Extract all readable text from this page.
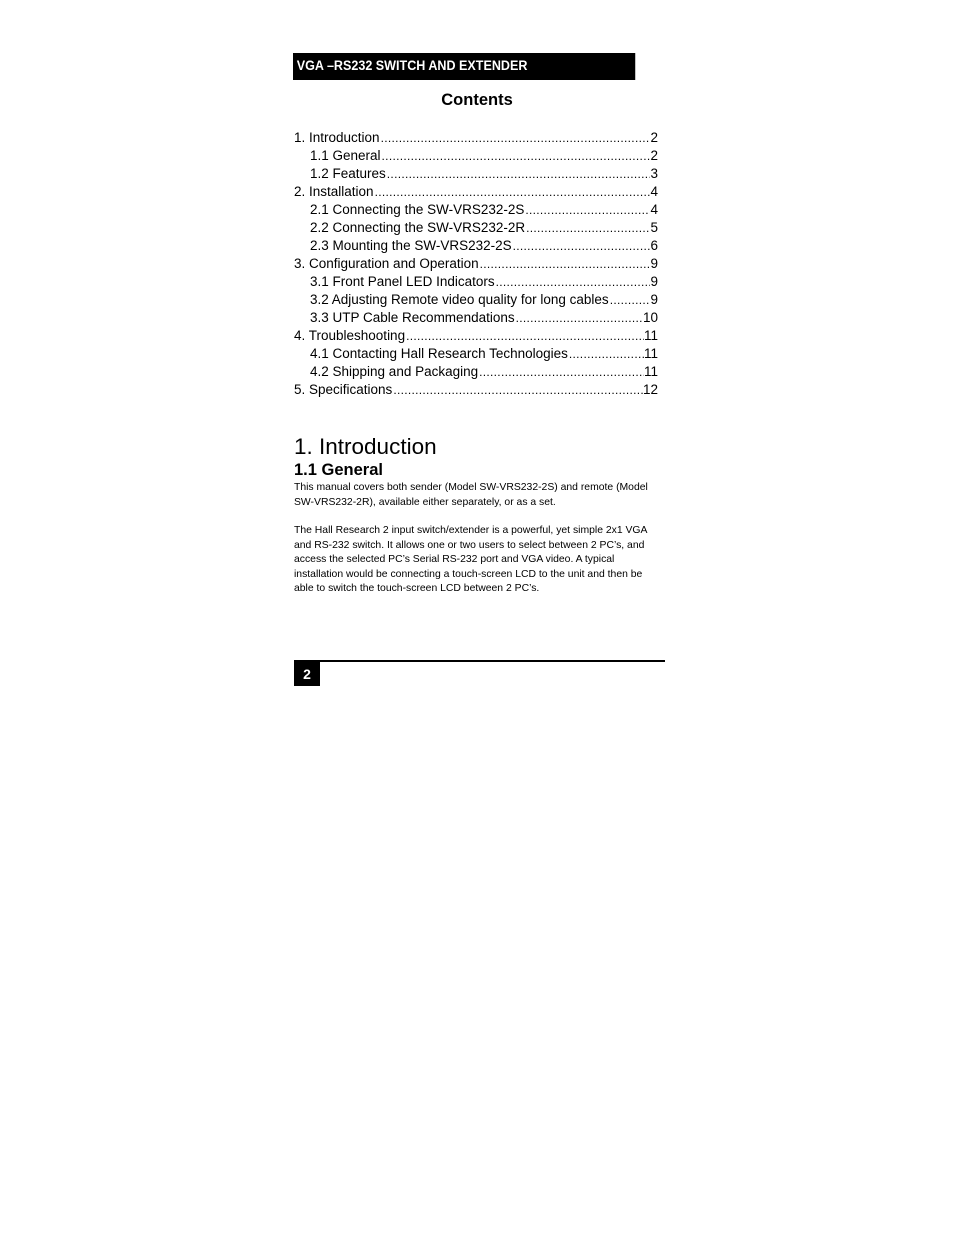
VGA –RS232 SWITCH AND EXTENDER
Contents
1. Introduction .....	2
1.1 General .....	2
1.2 Features .....	3
2. Installation .....	4
2.1 Connecting the SW-VRS232-2S .....	4
2.2 Connecting the SW-VRS232-2R .....	5
2.3 Mounting the SW-VRS232-2S .....	6
3. Configuration and Operation .....	9
3.1 Front Panel LED Indicators .....	9
3.2 Adjusting Remote video quality for long cables .....	9
3.3 UTP Cable Recommendations .....	10
4. Troubleshooting .....	11
4.1 Contacting Hall Research Technologies .....	11
4.2 Shipping and Packaging .....	11
5. Specifications .....	12
1. Introduction
1.1 General

This manual covers both sender (Model SW-VRS232-2S) and remote (Model SW-VRS232-2R), available either separately, or as a set.

The Hall Research 2 input switch/extender is a powerful, yet simple 2x1 VGA and RS-232 switch. It allows one or two users to select between 2 PC’s, and access the selected PC’s Serial RS-232 port and VGA video. A typical installation would be connecting a touch-screen LCD to the unit and then be able to switch the touch-screen LCD between 2 PC’s.

2
